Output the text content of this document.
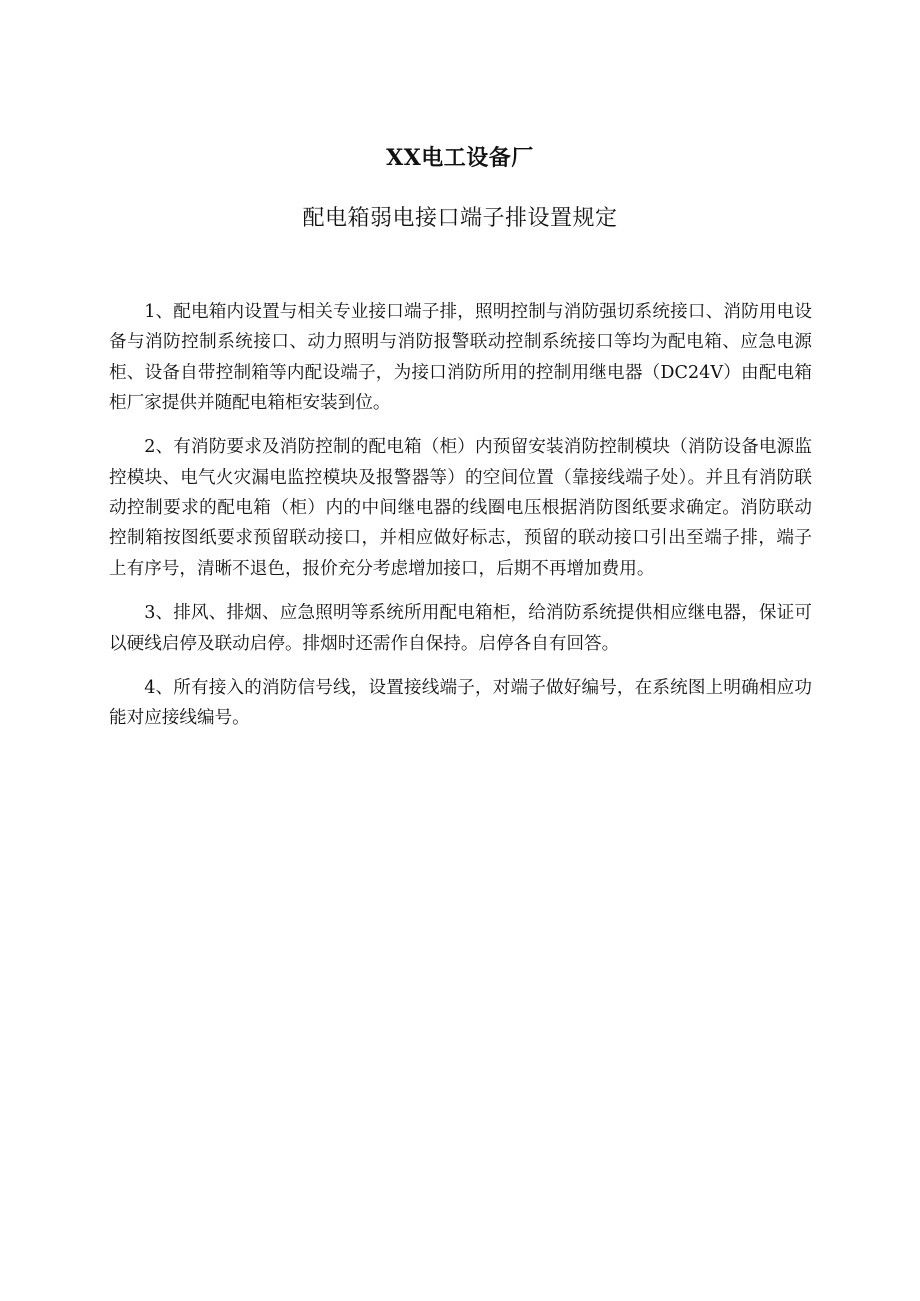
XX电工设备厂
配电箱弱电接口端子排设置规定

1、配电箱内设置与相关专业接口端子排，照明控制与消防强切系统接口、消防用电设备与消防控制系统接口、动力照明与消防报警联动控制系统接口等均为配电箱、应急电源柜、设备自带控制箱等内配设端子，为接口消防所用的控制用继电器（DC24V）由配电箱柜厂家提供并随配电箱柜安装到位。

2、有消防要求及消防控制的配电箱（柜）内预留安装消防控制模块（消防设备电源监控模块、电气火灾漏电监控模块及报警器等）的空间位置（靠接线端子处）。并且有消防联动控制要求的配电箱（柜）内的中间继电器的线圈电压根据消防图纸要求确定。消防联动控制箱按图纸要求预留联动接口，并相应做好标志，预留的联动接口引出至端子排，端子上有序号，清晰不退色，报价充分考虑增加接口，后期不再增加费用。

3、排风、排烟、应急照明等系统所用配电箱柜，给消防系统提供相应继电器，保证可以硬线启停及联动启停。排烟时还需作自保持。启停各自有回答。

4、所有接入的消防信号线，设置接线端子，对端子做好编号，在系统图上明确相应功能对应接线编号。
